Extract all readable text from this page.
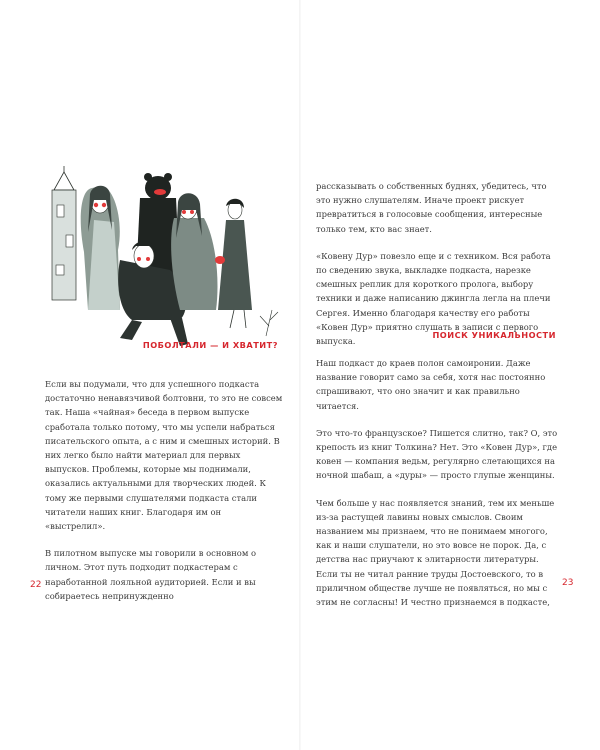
ПОБОЛТАЛИ — И ХВАТИТ?

Если вы подумали, что для успешного подкаста достаточно ненавязчивой болтовни, то это не совсем так. Наша «чайная» беседа в первом выпуске сработала только потому, что мы успели набраться писательского опыта, а с ним и смешных историй. В них легко было найти материал для первых выпусков. Проблемы, которые мы поднимали, оказались актуальными для творческих людей. К тому же первыми слушателями подкаста стали читатели наших книг. Благодаря им он «выстрелил».

В пилотном выпуске мы говорили в основном о личном. Этот путь подходит подкастерам с наработанной лояльной аудиторией. Если и вы собираетесь непринужденно

22

рассказывать о собственных буднях, убедитесь, что это нужно слушателям. Иначе проект рискует превратиться в голосовые сообщения, интересные только тем, кто вас знает.

«Ковену Дур» повезло еще и с техником. Вся работа по сведению звука, выкладке подкаста, нарезке смешных реплик для короткого пролога, выбору техники и даже написанию джинглa легла на плечи Сергея. Именно благодаря качеству его работы «Ковен Дур» приятно слушать в записи с первого выпуска.

ПОИСК УНИКАЛЬНОСТИ

Наш подкаст до краев полон самоиронии. Даже название говорит само за себя, хотя нас постоянно спрашивают, что оно значит и как правильно читается.

Это что-то французское? Пишется слитно, так? О, это крепость из книг Толкина? Нет. Это «Ковен Дур», где ковен — компания ведьм, регулярно слетающихся на ночной шабаш, а «дуры» — просто глупые женщины.

Чем больше у нас появляется знаний, тем их меньше из-за растущей лавины новых смыслов. Своим названием мы признаем, что не понимаем многого, как и наши слушатели, но это вовсе не порок. Да, с детства нас приучают к элитарности литературы. Если ты не читал ранние труды Достоевского, то в приличном обществе лучше не появляться, но мы с этим не согласны! И честно признаемся в подкасте,

23
